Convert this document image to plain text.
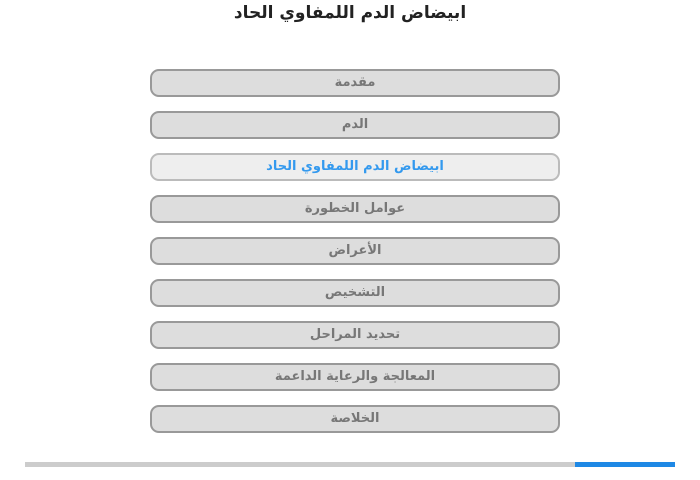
ابيضاض الدم اللمفاوي الحاد
مقدمة
الدم
ابيضاض الدم اللمفاوي الحاد
عوامل الخطورة
الأعراض
التشخيص
تحديد المراحل
المعالجة والرعاية الداعمة
الخلاصة
